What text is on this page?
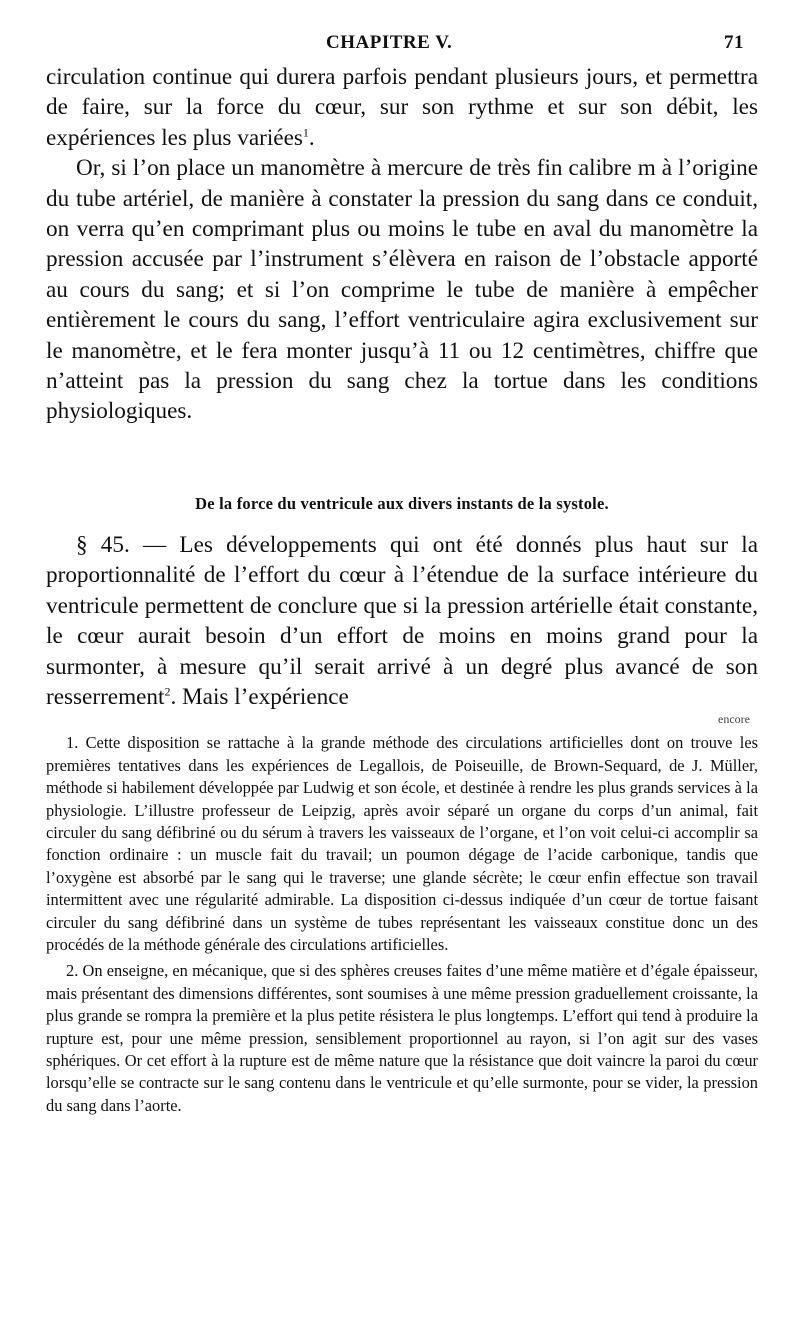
CHAPITRE V.	71

circulation continue qui durera parfois pendant plusieurs jours, et permettra de faire, sur la force du cœur, sur son rythme et sur son débit, les expériences les plus variées$^1$.

Or, si l’on place un manomètre à mercure de très fin calibre m à l’origine du tube artériel, de manière à constater la pression du sang dans ce conduit, on verra qu’en comprimant plus ou moins le tube en aval du manomètre la pression accusée par l’instrument s’élèvera en raison de l’obstacle apporté au cours du sang; et si l’on comprime le tube de manière à empêcher entièrement le cours du sang, l’effort ventriculaire agira exclusivement sur le manomètre, et le fera monter jusqu’à 11 ou 12 centimètres, chiffre que n’atteint pas la pression du sang chez la tortue dans les conditions physiologiques.

De la force du ventricule aux divers instants de la systole.

§ 45. — Les développements qui ont été donnés plus haut sur la proportionnalité de l’effort du cœur à l’étendue de la surface intérieure du ventricule permettent de conclure que si la pression artérielle était constante, le cœur aurait besoin d’un effort de moins en moins grand pour la surmonter, à mesure qu’il serait arrivé à un degré plus avancé de son resserrement$^2$. Mais l’expérience

encore

1. Cette disposition se rattache à la grande méthode des circulations artificielles dont on trouve les premières tentatives dans les expériences de Legallois, de Poiseuille, de Brown-Sequard, de J. Müller, méthode si habilement développée par Ludwig et son école, et destinée à rendre les plus grands services à la physiologie. L’illustre professeur de Leipzig, après avoir séparé un organe du corps d’un animal, fait circuler du sang défibriné ou du sérum à travers les vaisseaux de l’organe, et l’on voit celui-ci accomplir sa fonction ordinaire : un muscle fait du travail; un poumon dégage de l’acide carbonique, tandis que l’oxygène est absorbé par le sang qui le traverse; une glande sécrète; le cœur enfin effectue son travail intermittent avec une régularité admirable. La disposition ci-dessus indiquée d’un cœur de tortue faisant circuler du sang défibriné dans un système de tubes représentant les vaisseaux constitue donc un des procédés de la méthode générale des circulations artificielles.

2. On enseigne, en mécanique, que si des sphères creuses faites d’une même matière et d’égale épaisseur, mais présentant des dimensions différentes, sont soumises à une même pression graduellement croissante, la plus grande se rompra la première et la plus petite résistera le plus longtemps. L’effort qui tend à produire la rupture est, pour une même pression, sensiblement proportionnel au rayon, si l’on agit sur des vases sphériques. Or cet effort à la rupture est de même nature que la résistance que doit vaincre la paroi du cœur lorsqu’elle se contracte sur le sang contenu dans le ventricule et qu’elle surmonte, pour se vider, la pression du sang dans l’aorte.
